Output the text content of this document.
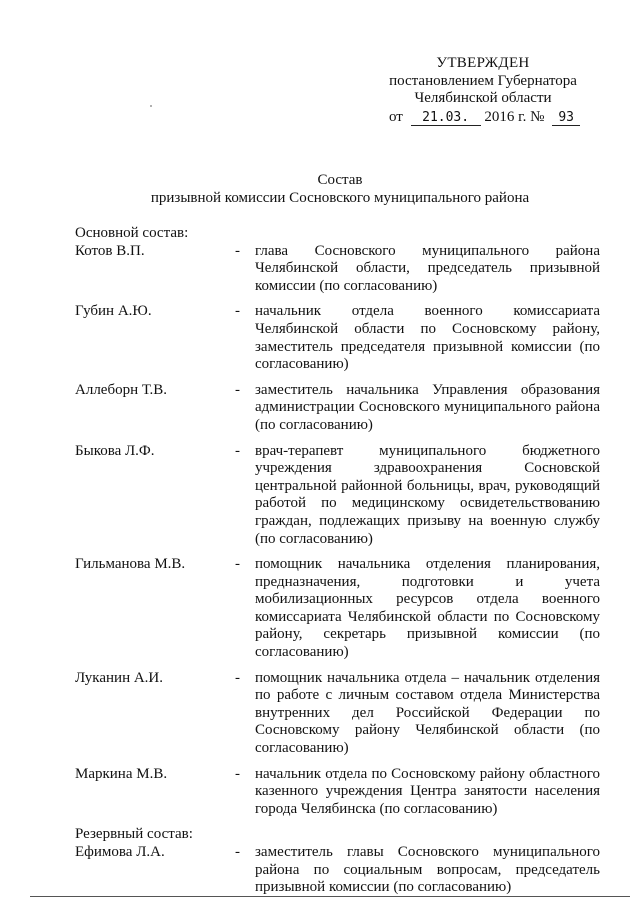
УТВЕРЖДЕН
постановлением Губернатора
Челябинской области
от 21.03. 2016 г. № 93
Состав
призывной комиссии Сосновского муниципального района
Основной состав:
Котов В.П.	-	глава Сосновского муниципального района Челябинской области, председатель призывной комиссии (по согласованию)
Губин А.Ю.	-	начальник отдела военного комиссариата Челябинской области по Сосновскому району, заместитель председателя призывной комиссии (по согласованию)
Аллеборн Т.В.	-	заместитель начальника Управления образования администрации Сосновского муниципального района (по согласованию)
Быкова Л.Ф.	-	врач-терапевт муниципального бюджетного учреждения здравоохранения Сосновской центральной районной больницы, врач, руководящий работой по медицинскому освидетельствованию граждан, подлежащих призыву на военную службу (по согласованию)
Гильманова М.В.	-	помощник начальника отделения планирования, предназначения, подготовки и учета мобилизационных ресурсов отдела военного комиссариата Челябинской области по Сосновскому району, секретарь призывной комиссии (по согласованию)
Луканин А.И.	-	помощник начальника отдела – начальник отделения по работе с личным составом отдела Министерства внутренних дел Российской Федерации по Сосновскому району Челябинской области (по согласованию)
Маркина М.В.	-	начальник отдела по Сосновскому району областного казенного учреждения Центра занятости населения города Челябинска (по согласованию)
Резервный состав:
Ефимова Л.А.	-	заместитель главы Сосновского муниципального района по социальным вопросам, председатель призывной комиссии (по согласованию)
